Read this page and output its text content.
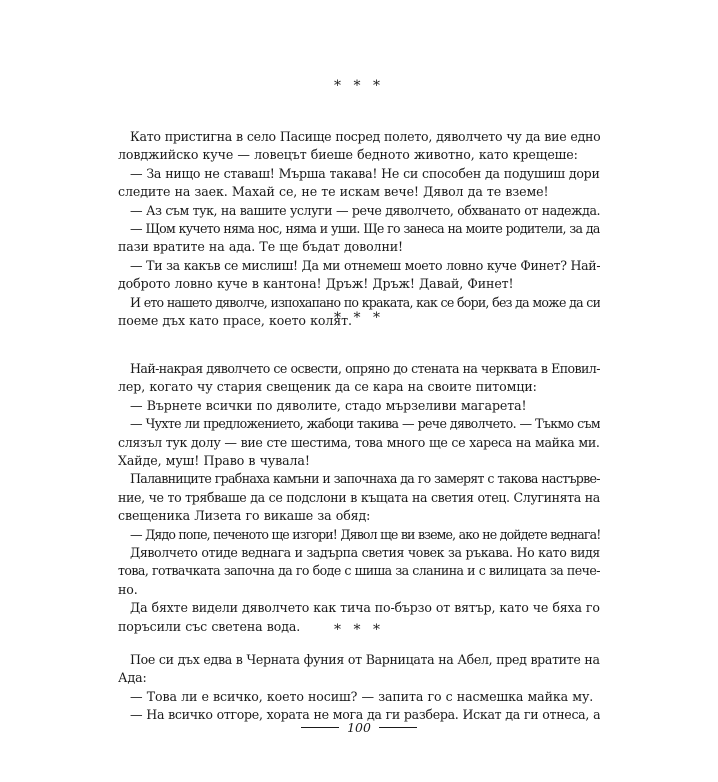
* * *
Като пристигна в село Пасище посред полето, дяволчето чу да вие едно
ловджийско куче — ловецът биеше бедното животно, като крещеше:
— За нищо не ставаш! Мърша такава! Не си способен да подушиш дори
следите на заек. Махай се, не те искам вече! Дявол да те вземе!
— Аз съм тук, на вашите услуги — рече дяволчето, обхванато от надежда.
— Щом кучето няма нос, няма и уши. Ще го занеса на моите родители, за да
пази вратите на ада. Те ще бъдат доволни!
— Ти за какъв се мислиш! Да ми отнемеш моето ловно куче Финет? Най-
доброто ловно куче в кантона! Дръж! Дръж! Давай, Финет!
И ето нашето дяволче, изпохапано по краката, как се бори, без да може да си
поеме дъх като прасе, което колят.
* * *
Най-накрая дяволчето се освести, опряно до стената на черквата в Еповил-
лер, когато чу стария свещеник да се кара на своите питомци:
— Върнете всички по дяволите, стадо мързеливи магарета!
— Чухте ли предложението, жабоци такива — рече дяволчето. — Тъкмо съм
слязъл тук долу — вие сте шестима, това много ще се хареса на майка ми.
Хайде, муш! Право в чувала!
Палавниците грабнаха камъни и започнаха да го замерят с такова настървe-
ние, че то трябваше да се подслони в къщата на светия отец. Слугинята на
свещеника Лизета го викаше за обяд:
— Дядо попе, печеното ще изгори! Дявол ще ви вземе, ако не дойдете веднага!
Дяволчето отиде веднага и задърпа светия човек за ръкава. Но като видя
това, готвачката започна да го боде с шиша за сланина и с вилицата за пече-
но.
Да бяхте видели дяволчето как тича по-бързо от вятър, като че бяха го
поръсили със светена вода.	* * *
Пое си дъх едва в Черната фуния от Варницата на Абел, пред вратите на
Ада:
— Това ли е всичко, което носиш? — запита го с насмешка майка му.
— На всичко отгоре, хората не мога да ги разбера. Искат да ги отнеса, а
100
